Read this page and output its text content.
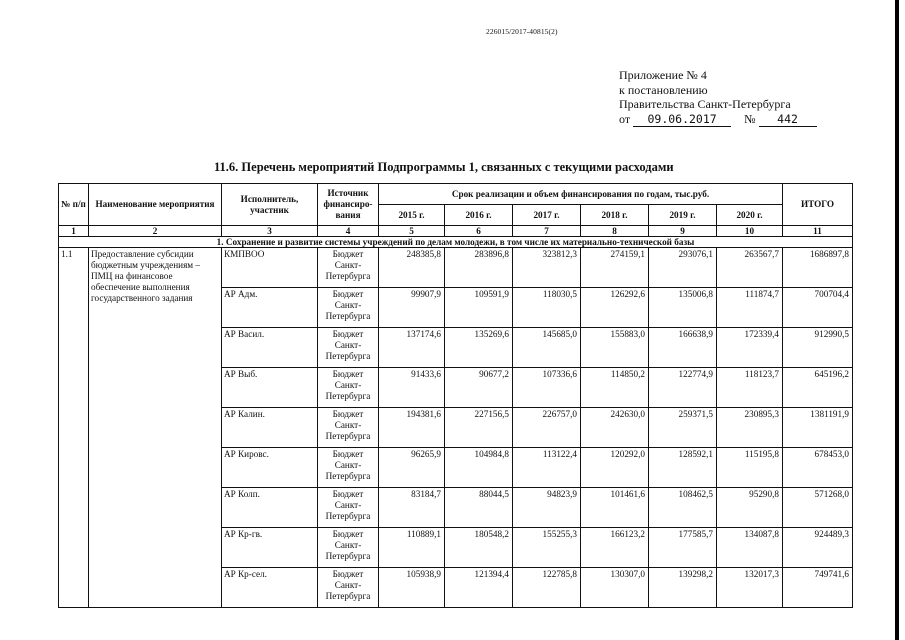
226015/2017-40815(2)
Приложение № 4
к постановлению
Правительства Санкт-Петербурга
от 09.06.2017 № 442
11.6. Перечень мероприятий Подпрограммы 1, связанных с текущими расходами
№ п/п	Наименование мероприятия	Исполнитель, участник	Источник финансиро-вания	Срок реализации и объем финансирования по годам, тыс.руб.						ИТОГО
				2015 г.	2016 г.	2017 г.	2018 г.	2019 г.	2020 г.	
1	2	3	4	5	6	7	8	9	10	11
1. Сохранение и развитие системы учреждений по делам молодежи, в том числе их материально-технической базы										
1.1	Предоставление субсидии бюджетным учреждениям – ПМЦ на финансовое обеспечение выполнения государственного задания	КМПВОО	Бюджет Санкт-Петербурга	248385,8	283896,8	323812,3	274159,1	293076,1	263567,7	1686897,8
		АР Адм.	Бюджет Санкт-Петербурга	99907,9	109591,9	118030,5	126292,6	135006,8	111874,7	700704,4
		АР Васил.	Бюджет Санкт-Петербурга	137174,6	135269,6	145685,0	155883,0	166638,9	172339,4	912990,5
		АР Выб.	Бюджет Санкт-Петербурга	91433,6	90677,2	107336,6	114850,2	122774,9	118123,7	645196,2
		АР Калин.	Бюджет Санкт-Петербурга	194381,6	227156,5	226757,0	242630,0	259371,5	230895,3	1381191,9
		АР Кировс.	Бюджет Санкт-Петербурга	96265,9	104984,8	113122,4	120292,0	128592,1	115195,8	678453,0
		АР Колп.	Бюджет Санкт-Петербурга	83184,7	88044,5	94823,9	101461,6	108462,5	95290,8	571268,0
		АР Кр-гв.	Бюджет Санкт-Петербурга	110889,1	180548,2	155255,3	166123,2	177585,7	134087,8	924489,3
		АР Кр-сел.	Бюджет Санкт-Петербурга	105938,9	121394,4	122785,8	130307,0	139298,2	132017,3	749741,6
